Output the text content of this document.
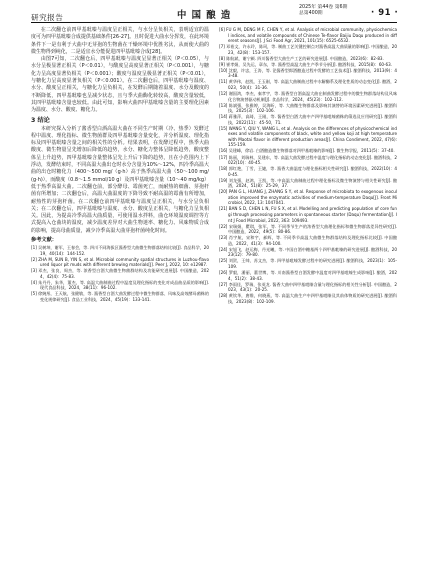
研究报告	中 国 酿 造
2025年 第44卷 第6期
总第400期	· 91 ·

在二次翻仓前四甲基吡嗪与温度呈正相关，与水分呈负相关，表明适宜的温度可为四甲基吡嗪合成提供基础条件[26-27]。且时促进大曲水分挥发，在此环境条件下一是有利于大曲中无芽孢的生物菌在干燥环境中优胜劣汰，从而使大曲的微生物得到纯化，二是适宜水分能促进四甲基吡嗪合成[28]。

由图7可知，二次翻仓后，四甲基吡嗪与温度呈显著正相关（P＜0.05），与水分呈极显著正相关（P＜0.01），与酸度呈高度显著正相关（P＜0.001），与糖化力呈高度显著负相关（P＜0.001）；酸度与温度呈极显著正相关（P＜0.01），与糖化力呈高度显著负相关（P＜0.001）。在二次翻仓后，四甲基吡嗪与温度、水分、酸度呈正相关，与糖化力呈负相关，在发酵后期随着温度、水分及酸度的不断降低，四甲基吡嗪也呈减少状态，且与季大曲酶化转较高，酸度含量较低，其四甲基吡嗪含量也较低。由此可知，影响大曲四甲基吡嗪含量的主要理化因素为温度、水分、酸度、糖化力。

3 结论

本研究探入分析了酱香型白酒高温大曲在不同生产时期（冷、热季）发酵过程中温度、理化指标、微生物菌群及四甲基吡嗪含量变化，并分析温度、理化指标及四甲基吡嗪含量之间的相关性的分析。结果表明，在发酵过程中，热季大曲酸度、微生物量呈先增加后降低的趋势，水分、糖化力整体呈降低趋势，酸度整体呈上升趋势，四甲基吡嗪含量整体呈先上升后下降的趋势，且在小范围内上下浮动，发酵结束时，不同高温大曲出仓时水分含量为10%～12%，四冷季高温大曲的出仓时糖化力（400～500 mg/（g·h）高于热季高温大曲（50～100 mg/(g·h)），而酸度（0.8～1.5 mmol/10 g）及四甲基吡嗪含量（10～40 mg/kg）低于热季高温大曲。二次翻仓前，部分酵母、霉菌死亡，而耐热的细菌、芽孢杆菌有所增加；二次翻仓后，高温大曲温度的下降导致不耐高温的霉菌有所增加，耐热性的芽孢杆菌。在二次翻仓前四甲基吡嗪与温度呈正相关，与水分呈负相关；在二次翻仓后，四甲基吡嗪与温度、水分、酸度呈正相关，与糖化力呈负相关。因此，为提高冷季高温大曲质量，可使用温水拌料，曲仓环境温度调控等方式提高入仓曲块的温度，减少温度差异对大曲生物迷率、糖化力、风味物质合成的影响，提高母曲质量，减少冷季高温大曲芽孢杆菌纯化时间。

参考文献：
[1] 吴树坤，谢军，王春会，等. 四川不同海拔区酱香型大曲微生物群落结构比较[J]. 食品科学，2019，40(14)：144-152.
[2] ZHA M, SUN B, YIN S, et al. Microbial community spatial structures in Luzhou-flavoured liquor pit muds with different brewing materials[J]. Peer J, 2022, 10: e12987.
[3] 邓杰，张良，周杰，等. 浓香型白酒大曲微生物菌群结构及功能研究进展[J]. 中国酿造，2024，42(4)：75-83.
[4] 朱丹丹，朱华，董杰，等. 高温大曲制曲过程中温度及理化指标的变化对成品曲品质的影响[J]. 现代食品科技，2024，38(11)：96-102.
[5] 徐婉彤，王天航，张健敏，等. 酱香型白酒大曲发酵过程中微生物群落、风味及高效酵母菌株的变化规律研究[J]. 食品工业科技，2024，45(19)：133-141.
[6] FU G M, DENG M F, CHEN Y, et al. Analysis of microbial community, physiochemical indices, and volatile compounds of Chinese Te-flavor Baijiu Daqu produced in different seasons[J]. J Sci Food Agr, 2021, 101(15): 6525-6532.
[7] 邓裕文，许永玲，陈珂，等. 制曲工艺关键控制点对酱香高温大曲质量的影响[J]. 中国酿造，2023，42(8)：153-157.
[8] 陈航斌，谢宁颜. 四川酱香型大曲生产工艺的研究进展[J]. 中国酿造，2023(6)：82-83.
[9] 崔孝娟，吴先运，章东，等. 酱香型高温大曲生产季节分析[J]. 酿酒科技，2015(8)：60-63.
[10] 沈毅，许忠，王涛，等. 论酱香型郎酒酿造过程中发酵的工艺技术[J]. 酿酒科技，2013(9)：43-48.
[11] 黄华伟，赵凯，王玉刚，等. 高温大曲制曲过程中水解酶系及理化性质的动态变化[J]. 酿酒，2023，50(4)：31-36.
[12] 谢国鸿，李杰，秦孝宇，等. 酱香型白酒高温大曲在制曲发酵过程中的微生物群落结构及风味化合物演替驱动机制[J]. 食品科学，2024，45(23)：102-112.
[13] 陈斌强，张雅婷，吴海昕，等. 大曲微生物群落及影响其演替的环境因素研究进展[J]. 酿酒科技，2025(3)：102-106.
[14] 蒋雅萍，高琦，王刚，等. 酱香型白酒大曲中产四甲基吡嗪菌株的筛选及应用研究[J]. 酿酒科技，2022(11)：45-50，71.
[15] WANG Y, QIU Y, WANG L, et al. Analysis on the differences of physicochemical indexes and volatile components of black, white and yellow koji at high temperature with Maotai flavor in different production areas[J]. China Condiment, 2022, 47(6): 155-159.
[16] 吴建峰，徐岩. 白酒酿造微生物群落对四甲基吡嗪的影响[J]. 微生物学报，2011(5)：37-40.
[17] 陈丽，刘瑞林，吴建东，等. 高温大曲发酵过程中温度与理化指标的动态变化[J]. 酿酒科技，2022(10)：40-45.
[18] 郭红艳，丁雪，王婕，等. 酱香大曲温度与理化指标相关性研究[J]. 酿酒科技，2022(10)：40-45.
[19] 刘龙强，赵鸿，王凯，等. 中高温大曲制曲过程中理化指标及微生物演替与相关性研究[J]. 酿酒，2024，51(8)：25-29，37.
[20] PAN G L, HUANG J, ZHANG S Y, et al. Response of microbiota to exogenous inoculation improved the enzymatic activities of medium-temperature Daqu[J]. Front Microbiol, 2022, 13: 1047041.
[21] BAN S D, CHEN L N, FU S X, et al. Modelling and predicting population of core fungi through processing parameters in spontaneous starter (Daqu) fermentation[J]. Int J Food Microbiol, 2022, 363: 109493.
[22] 宋瑞娟，瞿琪，张军，等. 不同季节生产的浓香型大曲理化指标和微生物群落差异性研究[J]. 中国酿造，2022，49(5)：80-86.
[23] 肖宇航，宋和宇，郝辉，等. 不同季节高温大曲微生物群落结构及理化指标比较[J]. 中国酿造，2022，41(3)：94-100.
[24] 宋旭飞，赵运梅，丹光曦，等. 中国白酒中糖基两个四甲基吡嗪的研究进展[J]. 酿酒科技，2023(12)：79-80.
[25] 刘贺，王帅，苏文杰，等. 四甲基吡嗪发酵过程中的研究进展[J]. 酿酒科技，2023(1)：105-109.
[26] 罗毅，潘丽，董世博，等. 川南酱香型白酒发酵中温度对四甲基吡嗪生成影响[J]. 酿酒，2024，51(2)：38-43.
[27] 李雨佳，罗瑞，张英龙. 酱香大曲中四甲基吡嗪含量与理化指标的相关性分析[J]. 中国酿造，2023，43(1)：20-25.
[28] 黄钦华，唐维，何晓燕，等. 高温大曲生产中四甲基吡嗪及其前体物质的研究进展[J]. 酿酒科技，2023(8)：102-109.
